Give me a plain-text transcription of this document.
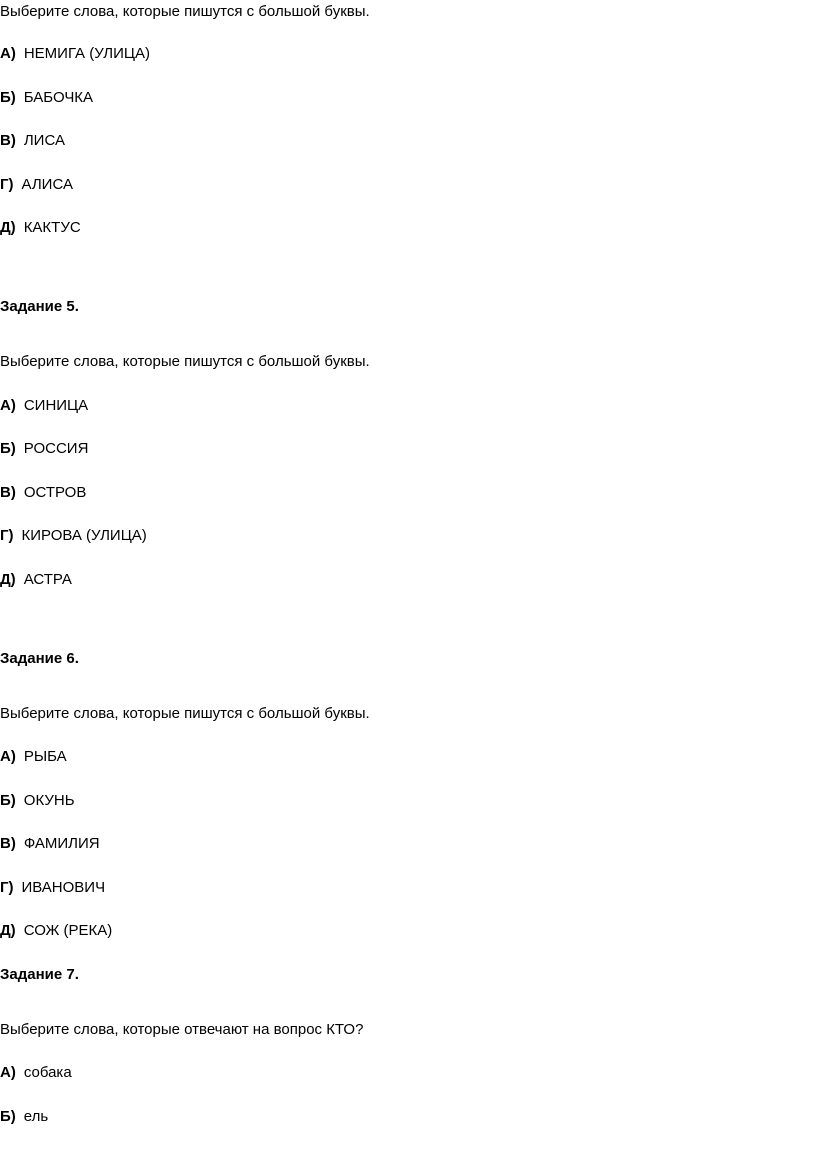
Выберите слова, которые пишутся с большой буквы.
А) НЕМИГА (УЛИЦА)
Б) БАБОЧКА
В) ЛИСА
Г) АЛИСА
Д) КАКТУС
Задание 5.
Выберите слова, которые пишутся с большой буквы.
А) СИНИЦА
Б) РОССИЯ
В) ОСТРОВ
Г) КИРОВА (УЛИЦА)
Д) АСТРА
Задание 6.
Выберите слова, которые пишутся с большой буквы.
А) РЫБА
Б) ОКУНЬ
В) ФАМИЛИЯ
Г) ИВАНОВИЧ
Д) СОЖ (РЕКА)
Задание 7.
Выберите слова, которые отвечают на вопрос КТО?
А) собака
Б) ель
